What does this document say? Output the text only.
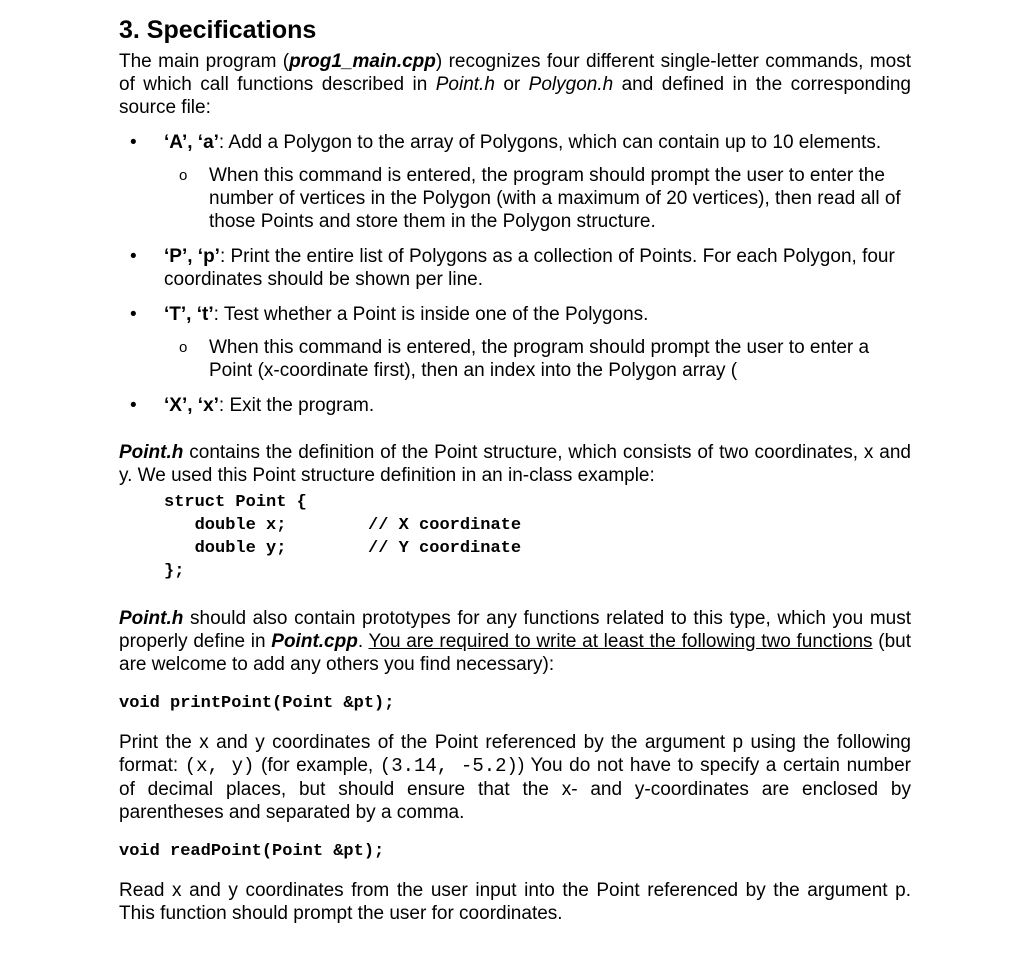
3. Specifications

The main program (prog1_main.cpp) recognizes four different single-letter commands, most of which call functions described in Point.h or Polygon.h and defined in the corresponding source file:

• ‘A’, ‘a’: Add a Polygon to the array of Polygons, which can contain up to 10 elements.
o When this command is entered, the program should prompt the user to enter the number of vertices in the Polygon (with a maximum of 20 vertices), then read all of those Points and store them in the Polygon structure.
• ‘P’, ‘p’: Print the entire list of Polygons as a collection of Points. For each Polygon, four coordinates should be shown per line.
• ‘T’, ‘t’: Test whether a Point is inside one of the Polygons.
o When this command is entered, the program should prompt the user to enter a Point (x-coordinate first), then an index into the Polygon array (
• ‘X’, ‘x’: Exit the program.

Point.h contains the definition of the Point structure, which consists of two coordinates, x and y. We used this Point structure definition in an in-class example:

struct Point {
double x;        // X coordinate
double y;        // Y coordinate
};

Point.h should also contain prototypes for any functions related to this type, which you must properly define in Point.cpp. You are required to write at least the following two functions (but are welcome to add any others you find necessary):

void printPoint(Point &pt);

Print the x and y coordinates of the Point referenced by the argument p using the following format: (x, y) (for example, (3.14, -5.2)) You do not have to specify a certain number of decimal places, but should ensure that the x- and y-coordinates are enclosed by parentheses and separated by a comma.

void readPoint(Point &pt);

Read x and y coordinates from the user input into the Point referenced by the argument p. This function should prompt the user for coordinates.
